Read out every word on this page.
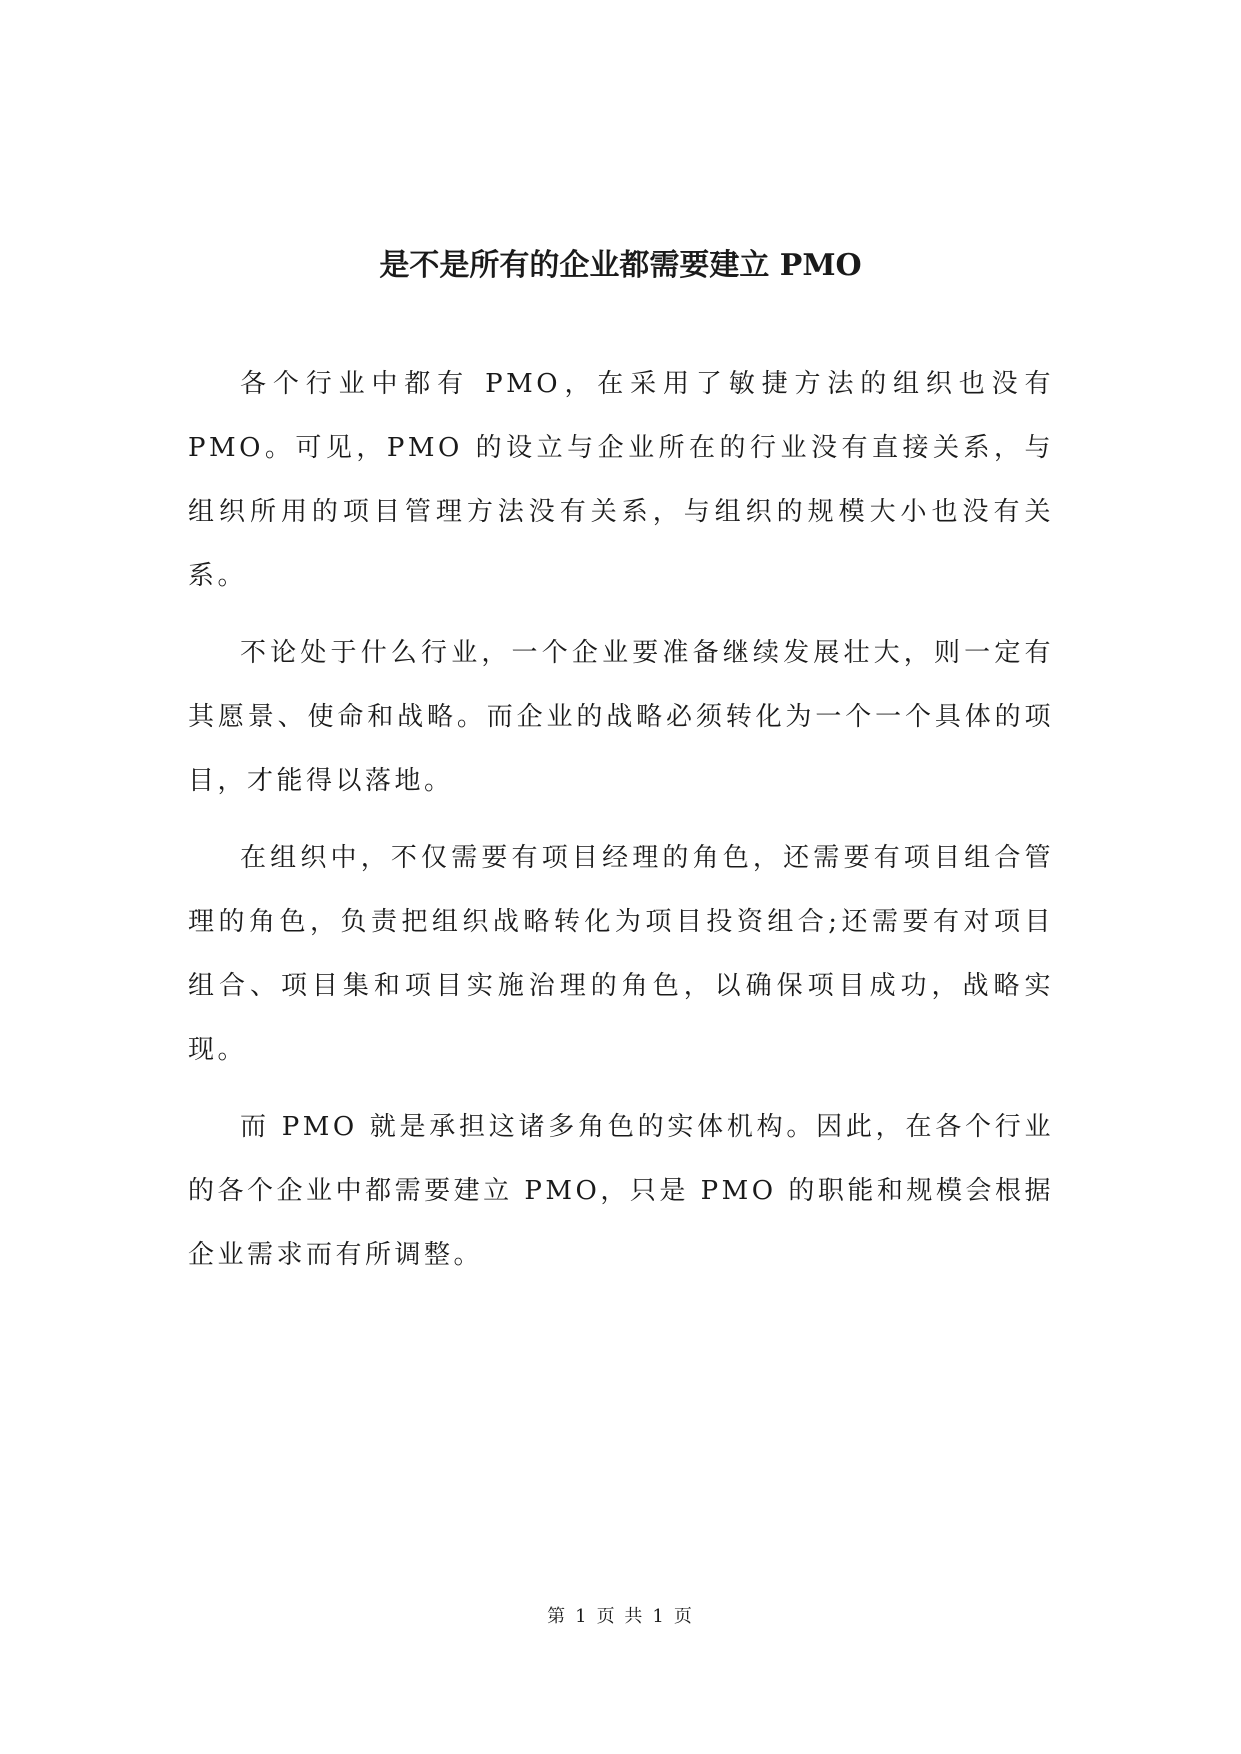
是不是所有的企业都需要建立 PMO

各个行业中都有 PMO，在采用了敏捷方法的组织也没有 PMO。可见，PMO 的设立与企业所在的行业没有直接关系，与组织所用的项目管理方法没有关系，与组织的规模大小也没有关系。

不论处于什么行业，一个企业要准备继续发展壮大，则一定有其愿景、使命和战略。而企业的战略必须转化为一个一个具体的项目，才能得以落地。

在组织中，不仅需要有项目经理的角色，还需要有项目组合管理的角色，负责把组织战略转化为项目投资组合;还需要有对项目组合、项目集和项目实施治理的角色，以确保项目成功，战略实现。

而 PMO 就是承担这诸多角色的实体机构。因此，在各个行业的各个企业中都需要建立 PMO，只是 PMO 的职能和规模会根据企业需求而有所调整。

第 1 页 共 1 页
